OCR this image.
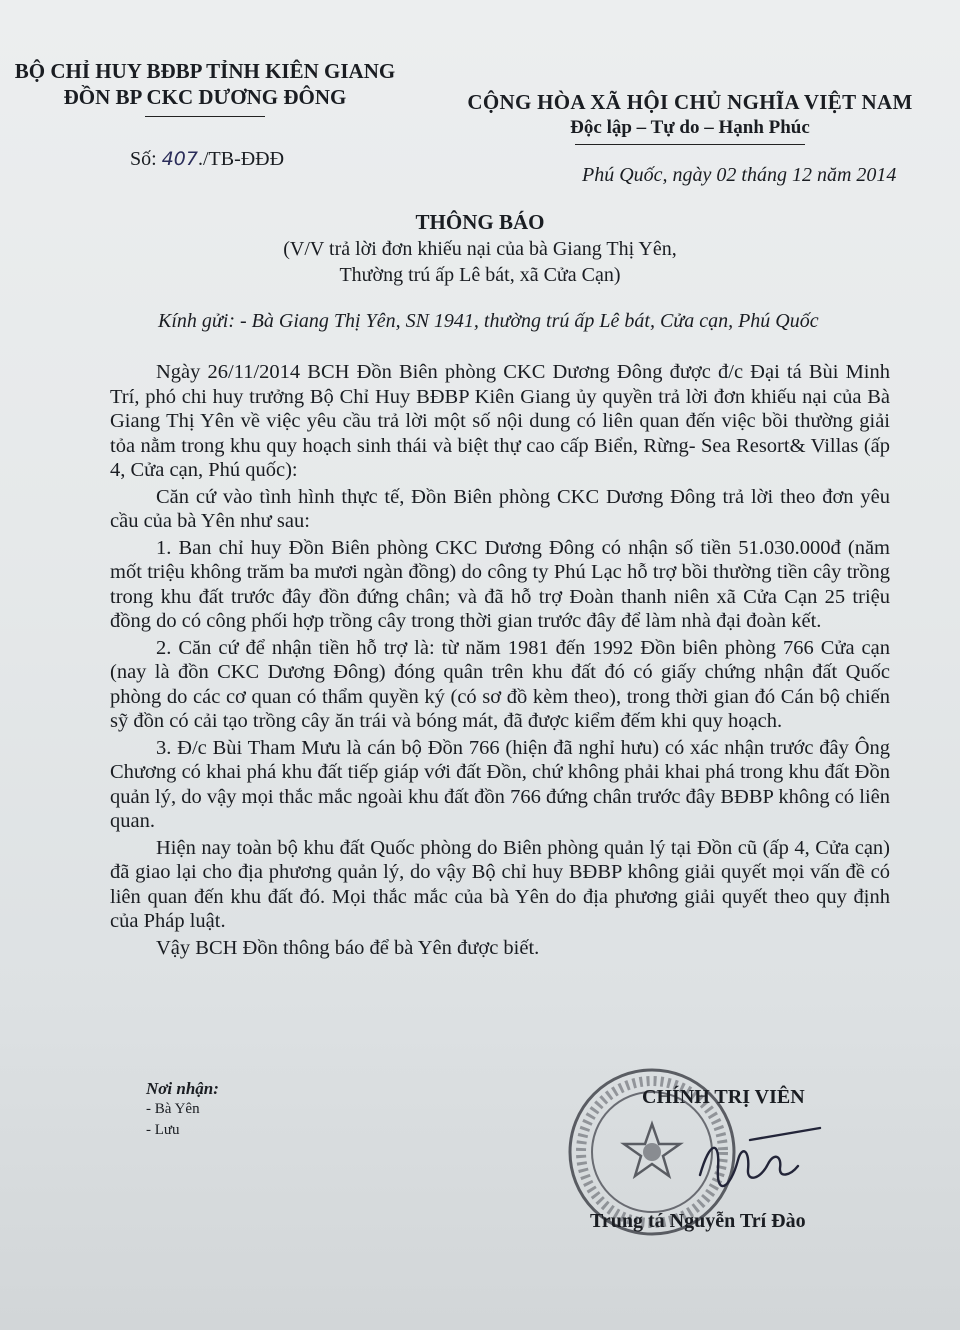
BỘ CHỈ HUY BĐBP TỈNH KIÊN GIANG
ĐỒN BP CKC DƯƠNG ĐÔNG	CỘNG HÒA XÃ HỘI CHỦ NGHĨA VIỆT NAM
Độc lập – Tự do – Hạnh Phúc
Số: 407./TB-ĐĐĐ
Phú Quốc, ngày 02 tháng 12 năm 2014
THÔNG BÁO
(V/V trả lời đơn khiếu nại của bà Giang Thị Yên,
Thường trú ấp Lê bát, xã Cửa Cạn)
Kính gửi: - Bà Giang Thị Yên, SN 1941, thường trú ấp Lê bát, Cửa cạn, Phú Quốc

Ngày 26/11/2014 BCH Đồn Biên phòng CKC Dương Đông được đ/c Đại tá Bùi Minh Trí, phó chi huy trưởng Bộ Chỉ Huy BĐBP Kiên Giang ủy quyền trả lời đơn khiếu nại của Bà Giang Thị Yên về việc yêu cầu trả lời một số nội dung có liên quan đến việc bồi thường giải tỏa nằm trong khu quy hoạch sinh thái và biệt thự cao cấp Biển, Rừng- Sea Resort& Villas (ấp 4, Cửa cạn, Phú quốc):

Căn cứ vào tình hình thực tế, Đồn Biên phòng CKC Dương Đông trả lời theo đơn yêu cầu của bà Yên như sau:

1. Ban chỉ huy Đồn Biên phòng CKC Dương Đông có nhận số tiền 51.030.000đ (năm mốt triệu không trăm ba mươi ngàn đồng) do công ty Phú Lạc hỗ trợ bồi thường tiền cây trồng trong khu đất trước đây đồn đứng chân; và đã hỗ trợ Đoàn thanh niên xã Cửa Cạn 25 triệu đồng do có công phối hợp trồng cây trong thời gian trước đây để làm nhà đại đoàn kết.

2. Căn cứ để nhận tiền hỗ trợ là: từ năm 1981 đến 1992 Đồn biên phòng 766 Cửa cạn (nay là đồn CKC Dương Đông) đóng quân trên khu đất đó có giấy chứng nhận đất Quốc phòng do các cơ quan có thẩm quyền ký (có sơ đồ kèm theo), trong thời gian đó Cán bộ chiến sỹ đồn có cải tạo trồng cây ăn trái và bóng mát, đã được kiểm đếm khi quy hoạch.

3. Đ/c Bùi Tham Mưu là cán bộ Đồn 766 (hiện đã nghỉ hưu) có xác nhận trước đây Ông Chương có khai phá khu đất tiếp giáp với đất Đồn, chứ không phải khai phá trong khu đất Đồn quản lý, do vậy mọi thắc mắc ngoài khu đất đồn 766 đứng chân trước đây BĐBP không có liên quan.

Hiện nay toàn bộ khu đất Quốc phòng do Biên phòng quản lý tại Đồn cũ (ấp 4, Cửa cạn) đã giao lại cho địa phương quản lý, do vậy Bộ chỉ huy BĐBP không giải quyết mọi vấn đề có liên quan đến khu đất đó. Mọi thắc mắc của bà Yên do địa phương giải quyết theo quy định của Pháp luật.

Vậy BCH Đồn thông báo để bà Yên được biết.

Nơi nhận:
- Bà Yên
- Lưu
CHÍNH TRỊ VIÊN
Trung tá Nguyễn Trí Đào
